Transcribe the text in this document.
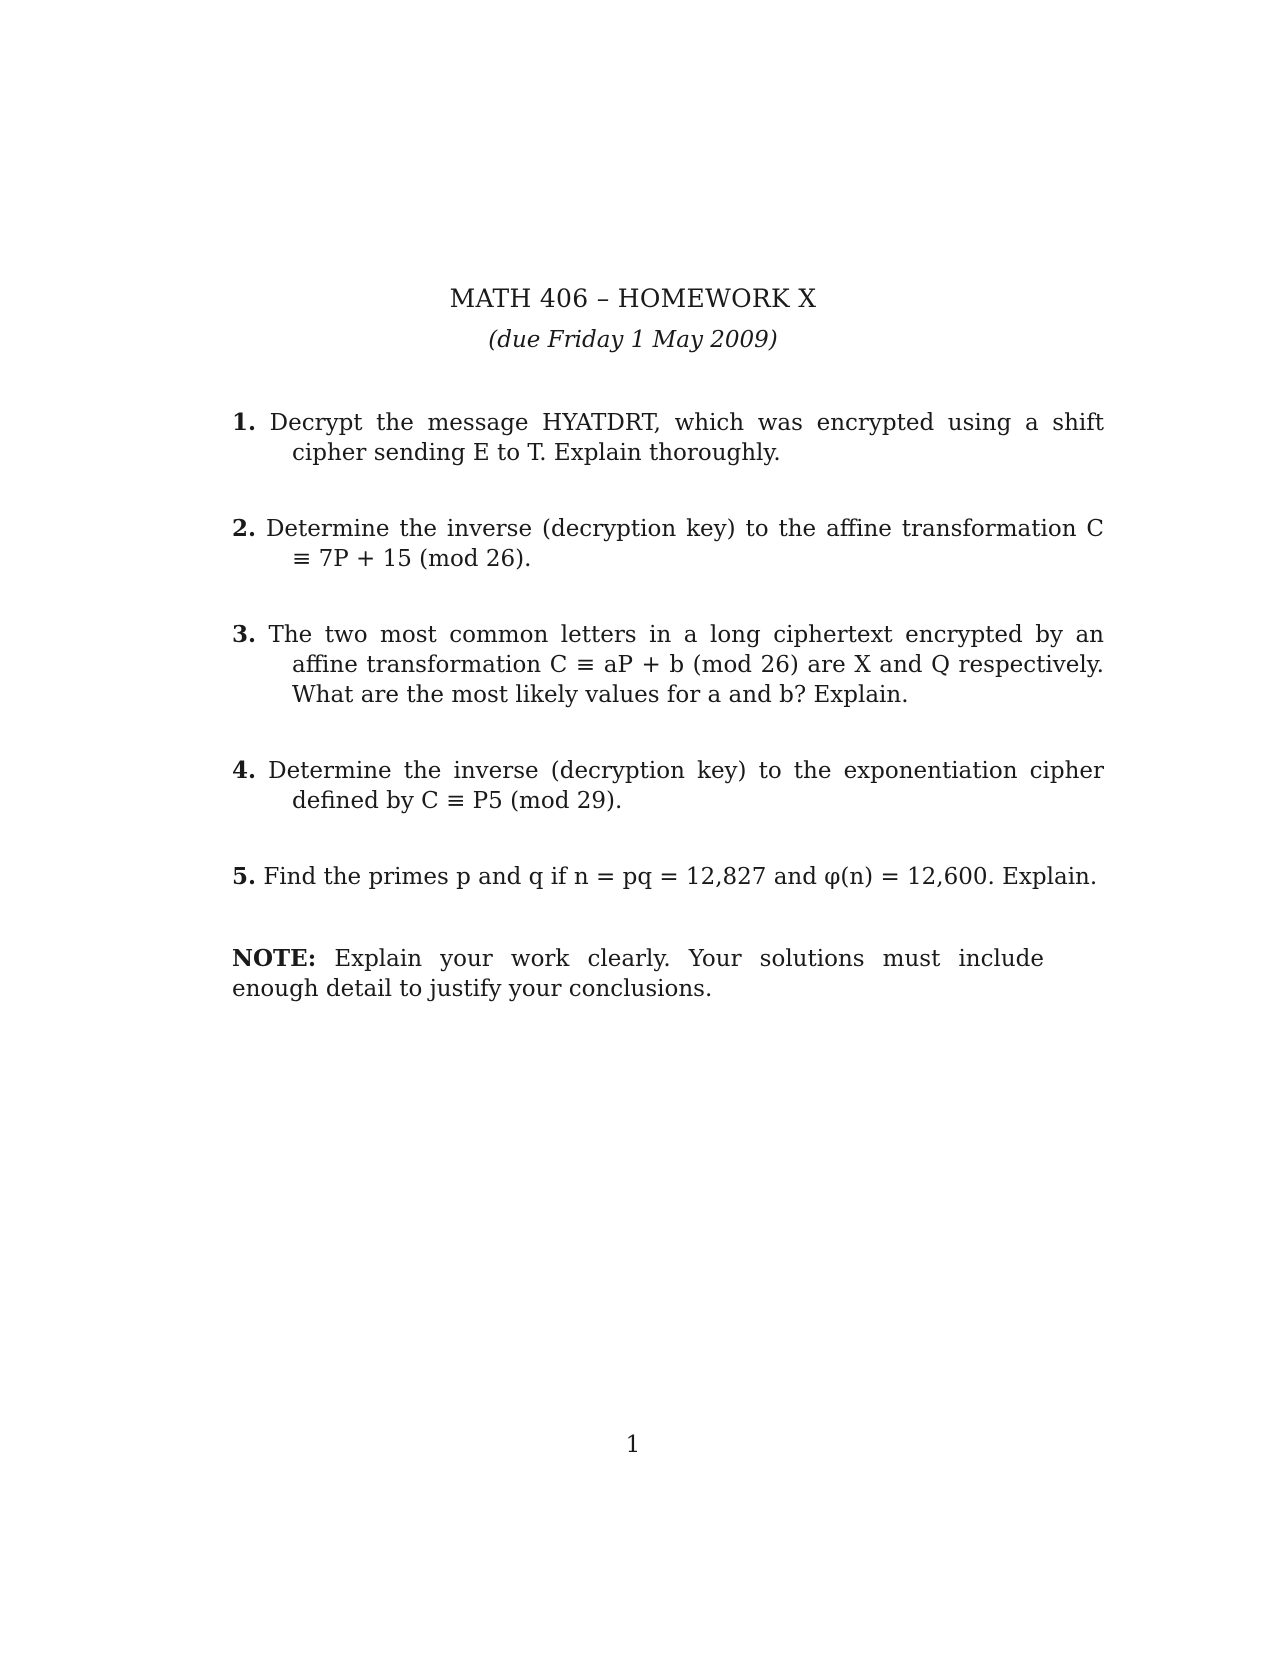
MATH 406 – HOMEWORK X
(due Friday 1 May 2009)

1. Decrypt the message HYATDRT, which was encrypted using a shift cipher sending E to T. Explain thoroughly.

2. Determine the inverse (decryption key) to the affine transformation C ≡ 7P + 15 (mod 26).

3. The two most common letters in a long ciphertext encrypted by an affine transformation C ≡ aP + b (mod 26) are X and Q respectively. What are the most likely values for a and b? Explain.

4. Determine the inverse (decryption key) to the exponentiation cipher defined by C ≡ P5 (mod 29).

5. Find the primes p and q if n = pq = 12,827 and φ(n) = 12,600. Explain.

NOTE: Explain your work clearly. Your solutions must include enough detail to justify your conclusions.

1
